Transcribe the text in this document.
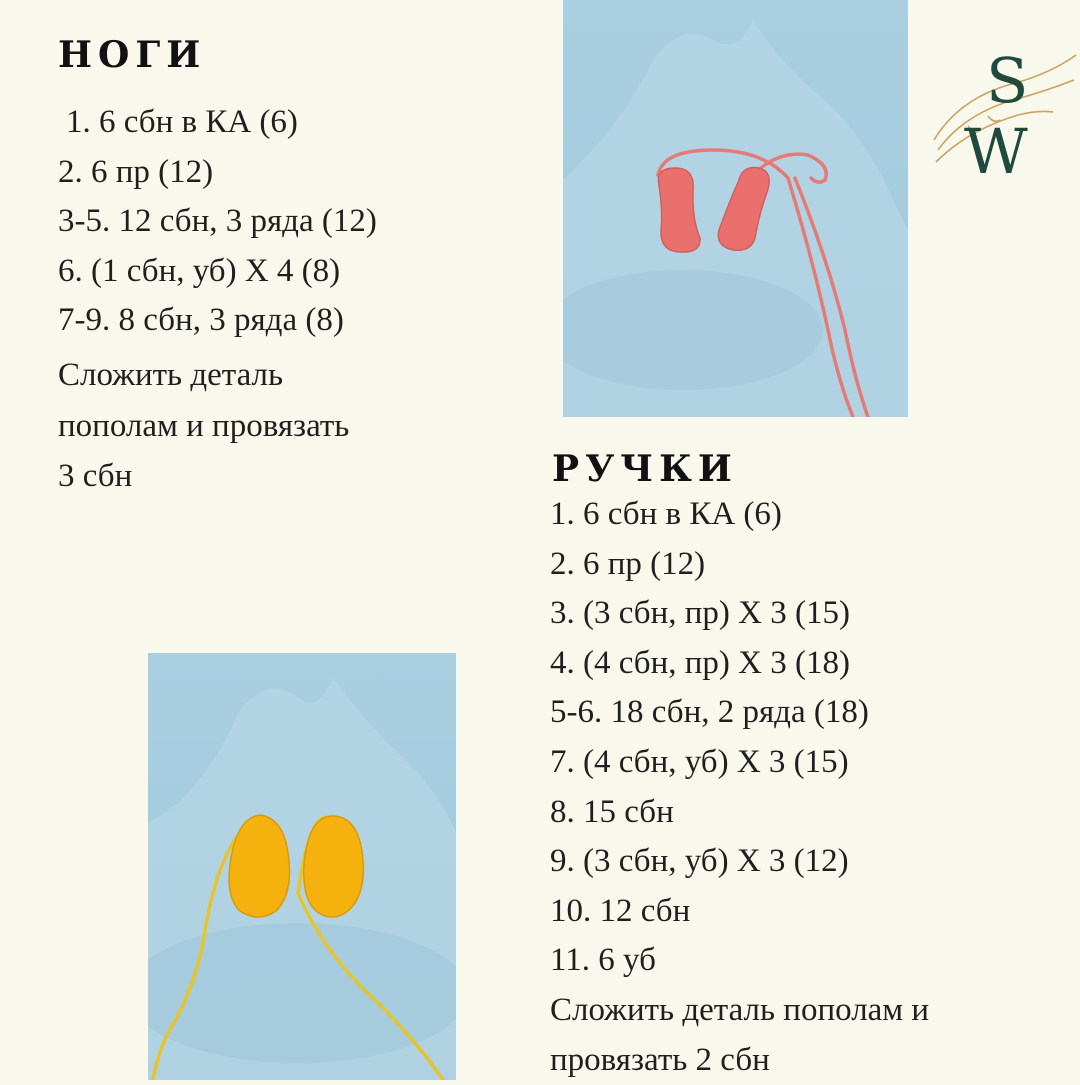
НОГИ
1. 6 сбн в КА (6)
2. 6 пр (12)
3-5. 12 сбн, 3 ряда (12)
6. (1 сбн, уб) X 4 (8)
7-9. 8 сбн, 3 ряда (8)
Сложить деталь
пополам и провязать
3 сбн
S
W
РУЧКИ
1. 6 сбн в КА (6)
2. 6 пр (12)
3. (3 сбн, пр) X 3 (15)
4. (4 сбн, пр) X 3 (18)
5-6. 18 сбн, 2 ряда (18)
7. (4 сбн, уб) X 3 (15)
8. 15 сбн
9. (3 сбн, уб) X 3 (12)
10. 12 сбн
11. 6 уб
Сложить деталь пополам и
провязать 2 сбн
